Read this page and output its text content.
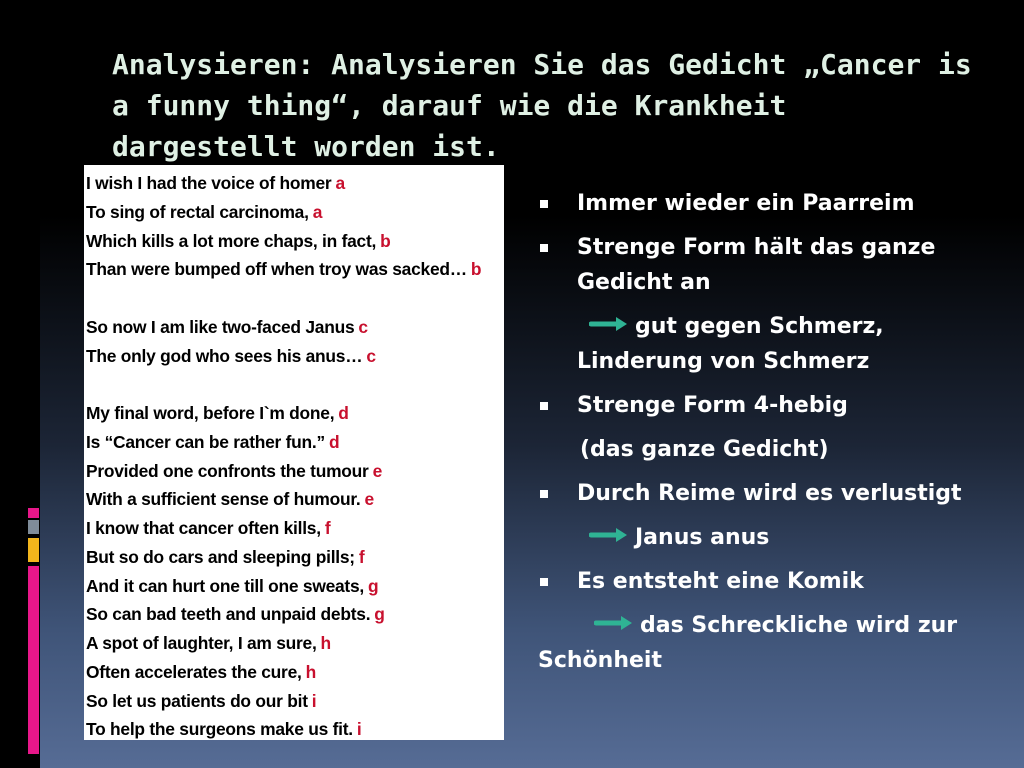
Analysieren: Analysieren Sie das Gedicht „Cancer is a funny thing“, darauf wie die Krankheit dargestellt worden ist.
I wish I had the voice of homer a
To sing of rectal carcinoma, a
Which kills a lot more chaps, in fact, b
Than were bumped off when troy was sacked… b
So now I am like two-faced Janus c
The only god who sees his anus… c
My final word, before I`m done, d
Is “Cancer can be rather fun.” d
Provided one confronts the tumour e
With a sufficient sense of humour. e
I know that cancer often kills, f
But so do cars and sleeping pills; f
And it can hurt one till one sweats, g
So can bad teeth and unpaid debts. g
A spot of laughter, I am sure, h
Often accelerates the cure, h
So let us patients do our bit i
To help the surgeons make us fit. i
Immer wieder ein Paarreim
Strenge Form hält das ganze Gedicht an
gut gegen Schmerz, Linderung von Schmerz
Strenge Form 4-hebig
(das ganze Gedicht)
Durch Reime wird es verlustigt
Janus anus
Es entsteht eine Komik
das Schreckliche wird zur Schönheit
